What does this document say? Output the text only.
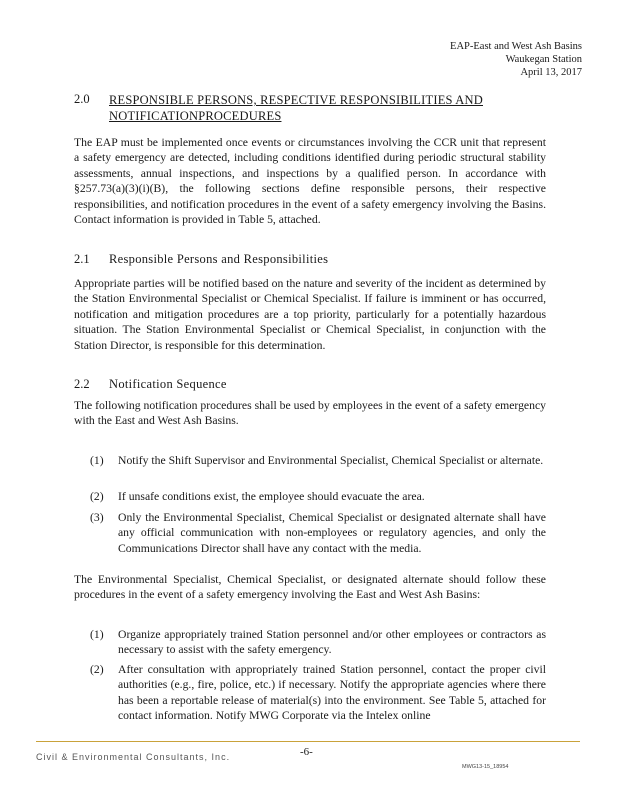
EAP-East and West Ash Basins
Waukegan Station
April 13, 2017
2.0 RESPONSIBLE PERSONS, RESPECTIVE RESPONSIBILITIES AND NOTIFICATIONPROCEDURES

The EAP must be implemented once events or circumstances involving the CCR unit that represent a safety emergency are detected, including conditions identified during periodic structural stability assessments, annual inspections, and inspections by a qualified person. In accordance with §257.73(a)(3)(i)(B), the following sections define responsible persons, their respective responsibilities, and notification procedures in the event of a safety emergency involving the Basins. Contact information is provided in Table 5, attached.

2.1 Responsible Persons and Responsibilities

Appropriate parties will be notified based on the nature and severity of the incident as determined by the Station Environmental Specialist or Chemical Specialist. If failure is imminent or has occurred, notification and mitigation procedures are a top priority, particularly for a potentially hazardous situation. The Station Environmental Specialist or Chemical Specialist, in conjunction with the Station Director, is responsible for this determination.

2.2 Notification Sequence

The following notification procedures shall be used by employees in the event of a safety emergency with the East and West Ash Basins.

(1) Notify the Shift Supervisor and Environmental Specialist, Chemical Specialist or alternate.
(2) If unsafe conditions exist, the employee should evacuate the area.
(3) Only the Environmental Specialist, Chemical Specialist or designated alternate shall have any official communication with non-employees or regulatory agencies, and only the Communications Director shall have any contact with the media.

The Environmental Specialist, Chemical Specialist, or designated alternate should follow these procedures in the event of a safety emergency involving the East and West Ash Basins:

(1) Organize appropriately trained Station personnel and/or other employees or contractors as necessary to assist with the safety emergency.
(2) After consultation with appropriately trained Station personnel, contact the proper civil authorities (e.g., fire, police, etc.) if necessary. Notify the appropriate agencies where there has been a reportable release of material(s) into the environment. See Table 5, attached for contact information. Notify MWG Corporate via the Intelex online
Civil & Environmental Consultants, Inc.	-6-
MWG13-15_18954
